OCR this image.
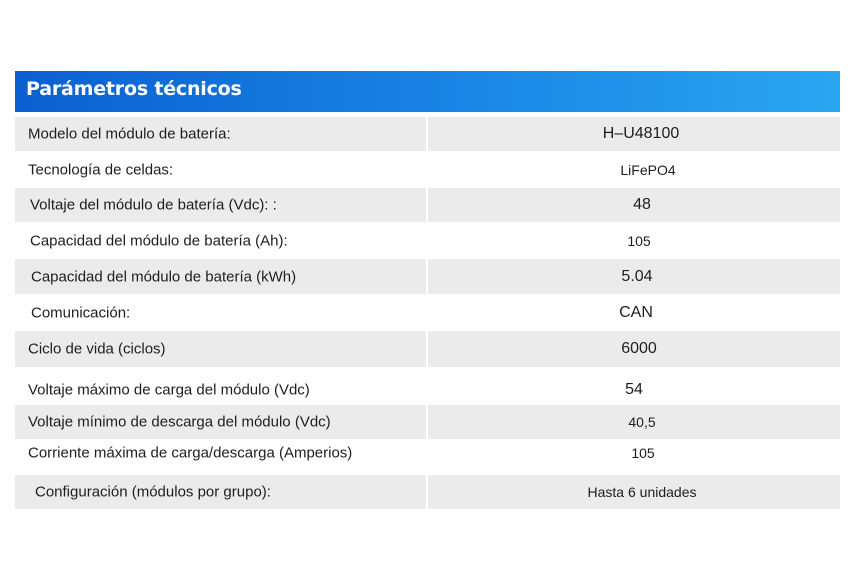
Parámetros técnicos
Modelo del módulo de batería:	H–U48100
Tecnología de celdas:	LiFePO4
Voltaje del módulo de batería (Vdc): :	48
Capacidad del módulo de batería (Ah):	105
Capacidad del módulo de batería (kWh)	5.04
Comunicación:	CAN
Ciclo de vida (ciclos)	6000
Voltaje máximo de carga del módulo (Vdc)	54
Voltaje mínimo de descarga del módulo (Vdc)	40,5
Corriente máxima de carga/descarga (Amperios)	105
Configuración (módulos por grupo):	Hasta 6 unidades
